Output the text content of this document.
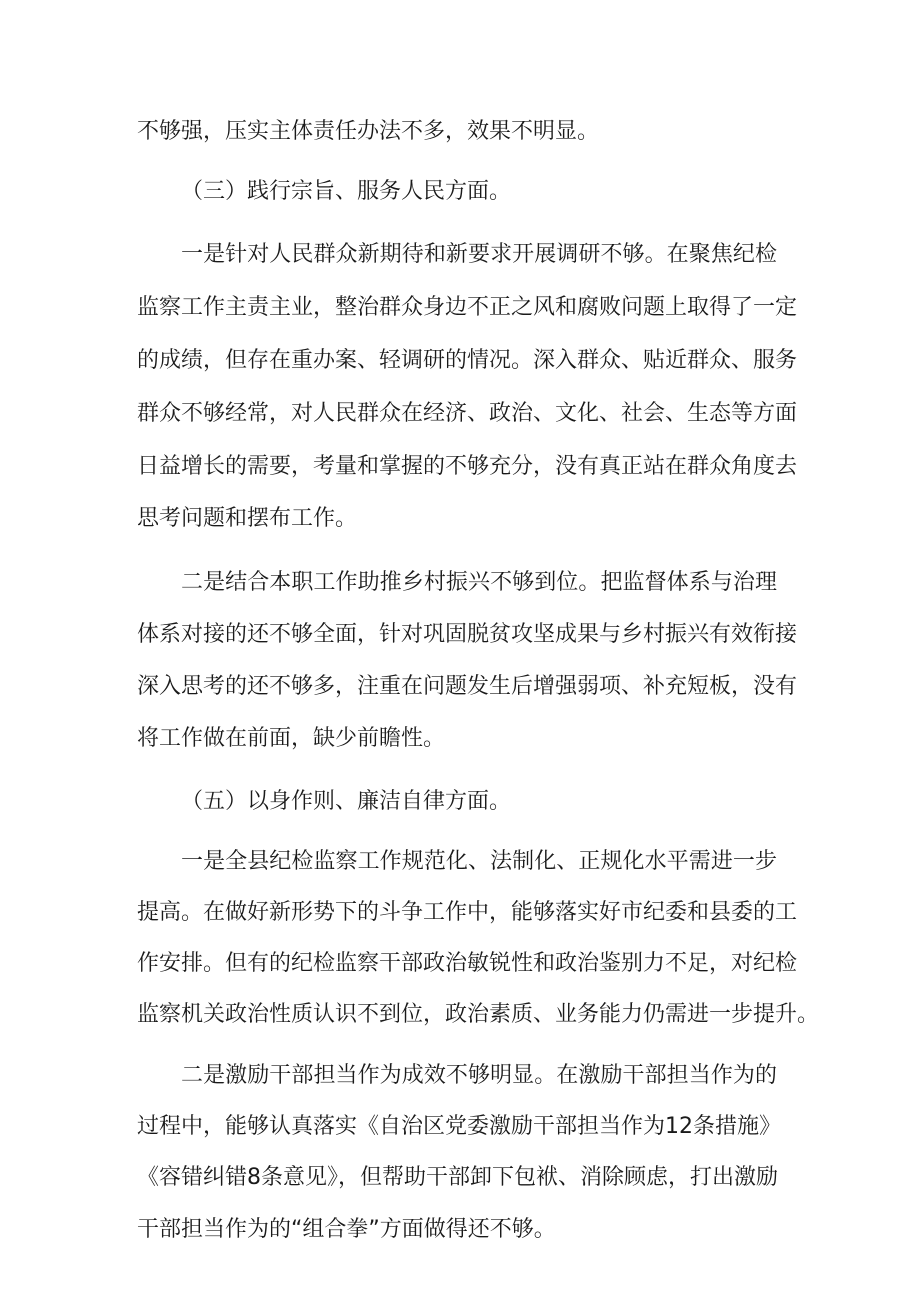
不够强，压实主体责任办法不多，效果不明显。
（三）践行宗旨、服务人民方面。
一是针对人民群众新期待和新要求开展调研不够。在聚焦纪检
监察工作主责主业，整治群众身边不正之风和腐败问题上取得了一定
的成绩，但存在重办案、轻调研的情况。深入群众、贴近群众、服务
群众不够经常，对人民群众在经济、政治、文化、社会、生态等方面
日益增长的需要，考量和掌握的不够充分，没有真正站在群众角度去
思考问题和摆布工作。
二是结合本职工作助推乡村振兴不够到位。把监督体系与治理
体系对接的还不够全面，针对巩固脱贫攻坚成果与乡村振兴有效衔接
深入思考的还不够多，注重在问题发生后增强弱项、补充短板，没有
将工作做在前面，缺少前瞻性。
（五）以身作则、廉洁自律方面。
一是全县纪检监察工作规范化、法制化、正规化水平需进一步
提高。在做好新形势下的斗争工作中，能够落实好市纪委和县委的工
作安排。但有的纪检监察干部政治敏锐性和政治鉴别力不足，对纪检
监察机关政治性质认识不到位，政治素质、业务能力仍需进一步提升。
二是激励干部担当作为成效不够明显。在激励干部担当作为的
过程中，能够认真落实《自治区党委激励干部担当作为12条措施》
《容错纠错8条意见》，但帮助干部卸下包袱、消除顾虑，打出激励
干部担当作为的“组合拳”方面做得还不够。
